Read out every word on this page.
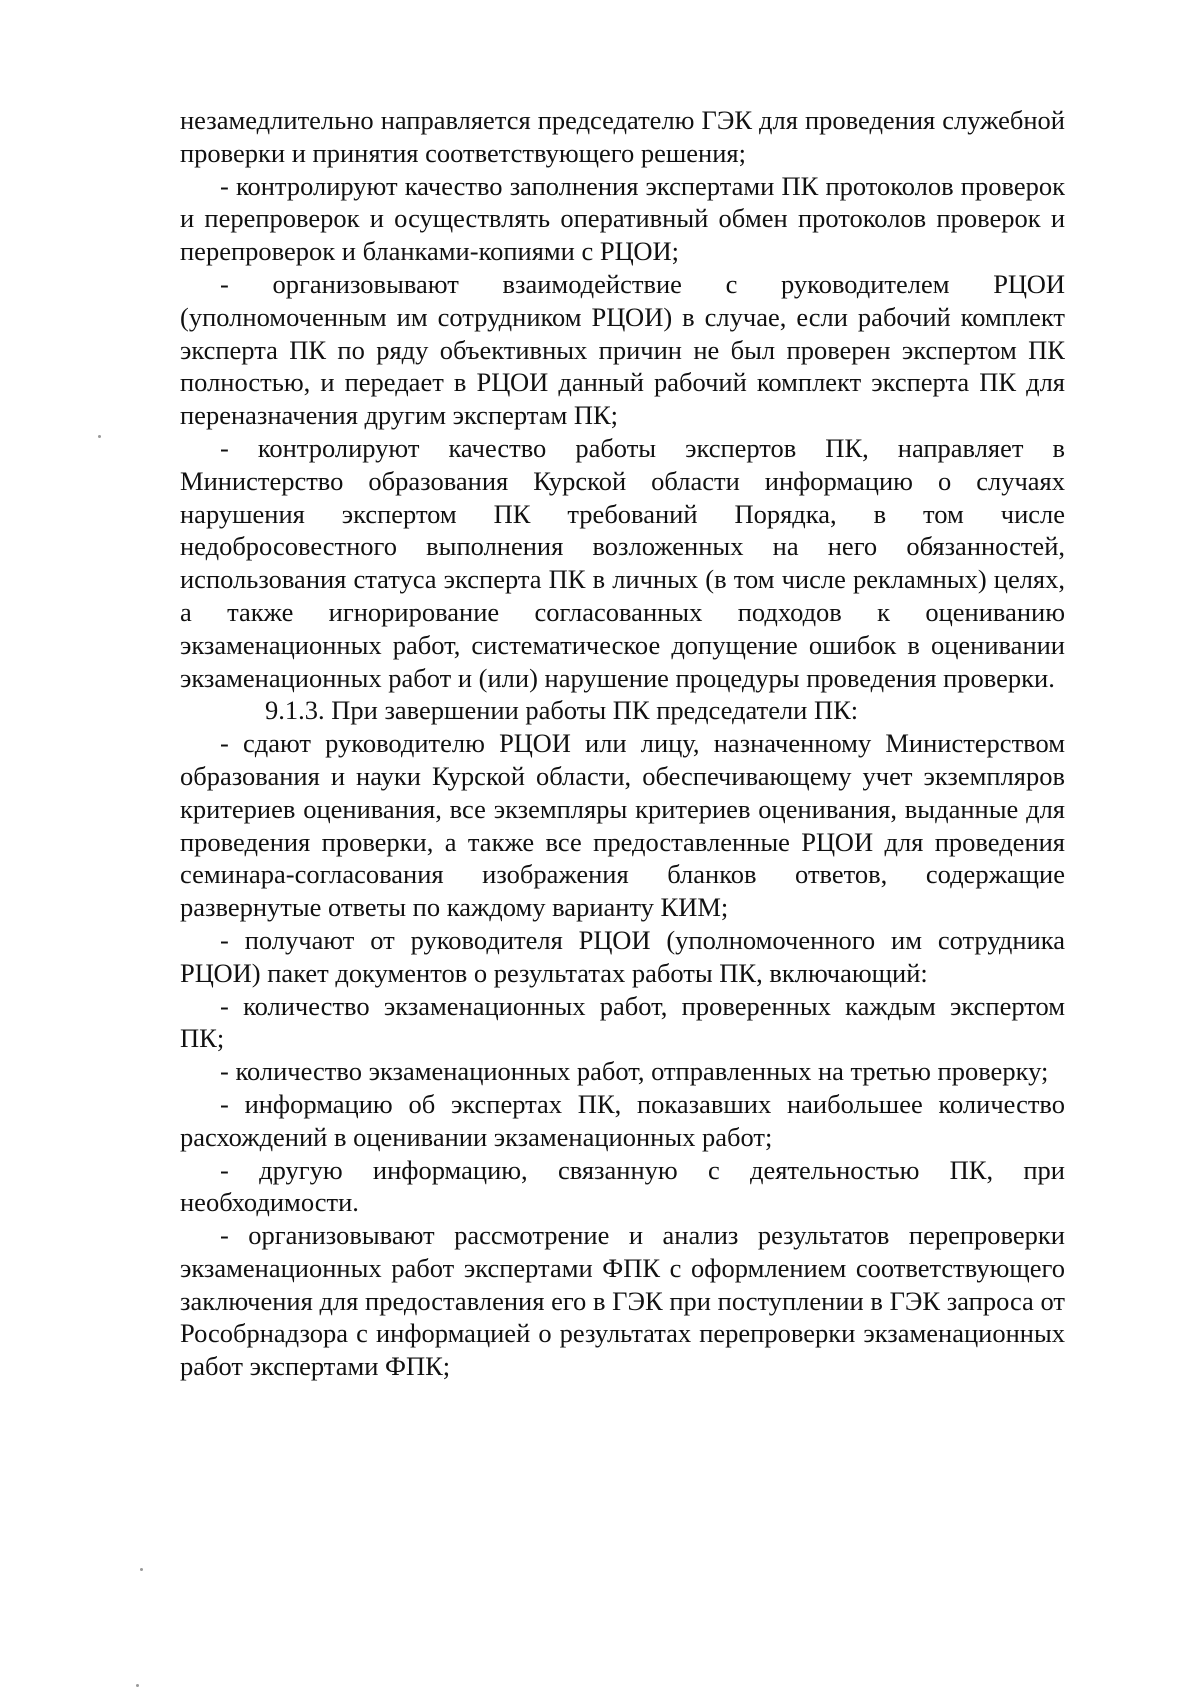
незамедлительно направляется председателю ГЭК для проведения служебной проверки и принятия соответствующего решения;

- контролируют качество заполнения экспертами ПК протоколов проверок и перепроверок и осуществлять оперативный обмен протоколов проверок и перепроверок и бланками-копиями с РЦОИ;

- организовывают взаимодействие с руководителем РЦОИ (уполномоченным им сотрудником РЦОИ) в случае, если рабочий комплект эксперта ПК по ряду объективных причин не был проверен экспертом ПК полностью, и передает в РЦОИ данный рабочий комплект эксперта ПК для переназначения другим экспертам ПК;

- контролируют качество работы экспертов ПК, направляет в Министерство образования Курской области информацию о случаях нарушения экспертом ПК требований Порядка, в том числе недобросовестного выполнения возложенных на него обязанностей, использования статуса эксперта ПК в личных (в том числе рекламных) целях, а также игнорирование согласованных подходов к оцениванию экзаменационных работ, систематическое допущение ошибок в оценивании экзаменационных работ и (или) нарушение процедуры проведения проверки.

9.1.3. При завершении работы ПК председатели ПК:

- сдают руководителю РЦОИ или лицу, назначенному Министерством образования и науки Курской области, обеспечивающему учет экземпляров критериев оценивания, все экземпляры критериев оценивания, выданные для проведения проверки, а также все предоставленные РЦОИ для проведения семинара-согласования изображения бланков ответов, содержащие развернутые ответы по каждому варианту КИМ;

- получают от руководителя РЦОИ (уполномоченного им сотрудника РЦОИ) пакет документов о результатах работы ПК, включающий:

- количество экзаменационных работ, проверенных каждым экспертом ПК;

- количество экзаменационных работ, отправленных на третью проверку;

- информацию об экспертах ПК, показавших наибольшее количество расхождений в оценивании экзаменационных работ;

- другую информацию, связанную с деятельностью ПК, при необходимости.

- организовывают рассмотрение и анализ результатов перепроверки экзаменационных работ экспертами ФПК с оформлением соответствующего заключения для предоставления его в ГЭК при поступлении в ГЭК запроса от Рособрнадзора с информацией о результатах перепроверки экзаменационных работ экспертами ФПК;
